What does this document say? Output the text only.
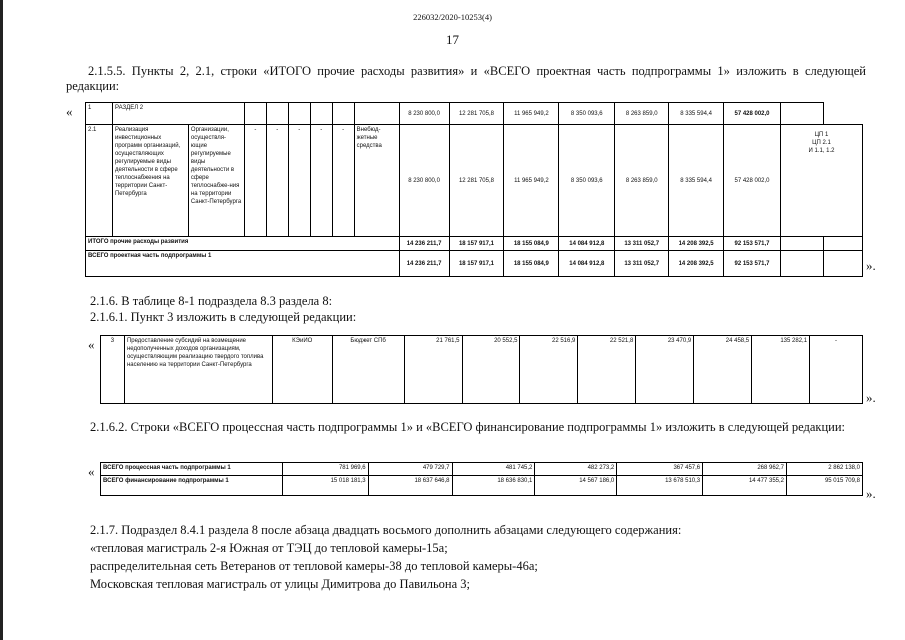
226032/2020-10253(4)
17
2.1.5.5. Пункты 2, 2.1, строки «ИТОГО прочие расходы развития» и «ВСЕГО проектная часть подпрограммы 1» изложить в следующей редакции:
«	1	РАЗДЕЛ 2								8 230 800,0	12 281 705,8	11 965 949,2	8 350 093,6	8 263 859,0	8 335 594,4	57 428 002,0		
2.1	Реализация инвестиционных программ организаций, осуществляющих регулируемые виды деятельности в сфере теплоснабжения на территории Санкт-Петербурга	Организации, осуществля-ющие регулируемые виды деятельности в сфере теплоснабже-ния на территории Санкт-Петербурга	-	-	-	-	-	Внебюд-жетные средства	8 230 800,0	12 281 705,8	11 965 949,2	8 350 093,6	8 263 859,0	8 335 594,4	57 428 002,0	ЦП 1
ЦП 2.1
И 1.1, 1.2	
ИТОГО прочие расходы развития									14 236 211,7	18 157 917,1	18 155 084,9	14 084 912,8	13 311 052,7	14 208 392,5	92 153 571,7		
ВСЕГО проектная часть подпрограммы 1									14 236 211,7	18 157 917,1	18 155 084,9	14 084 912,8	13 311 052,7	14 208 392,5	92 153 571,7			».
2.1.6. В таблице 8-1 подраздела 8.3 раздела 8:
2.1.6.1. Пункт 3 изложить в следующей редакции:
«	3	Предоставление субсидий на возмещение недополученных доходов организациям, осуществляющим реализацию твердого топлива населению на территории Санкт-Петербурга	КЭиИО	Бюджет СПб	21 761,5	20 552,5	22 516,9	22 521,8	23 470,9	24 458,5	135 282,1	-
».
2.1.6.2. Строки «ВСЕГО процессная часть подпрограммы 1» и «ВСЕГО финансирование подпрограммы 1» изложить в следующей редакции:
« ВСЕГО процессная часть подпрограммы 1	781 969,6	479 729,7	481 745,2	482 273,2	367 457,6	268 962,7	2 862 138,0
ВСЕГО финансирование подпрограммы 1	15 018 181,3	18 637 646,8	18 636 830,1	14 567 186,0	13 678 510,3	14 477 355,2	95 015 709,8
».
2.1.7. Подраздел 8.4.1 раздела 8 после абзаца двадцать восьмого дополнить абзацами следующего содержания:
«тепловая магистраль 2-я Южная от ТЭЦ до тепловой камеры-15а;
распределительная сеть Ветеранов от тепловой камеры-38 до тепловой камеры-46а;
Московская тепловая магистраль от улицы Димитрова до Павильона 3;
